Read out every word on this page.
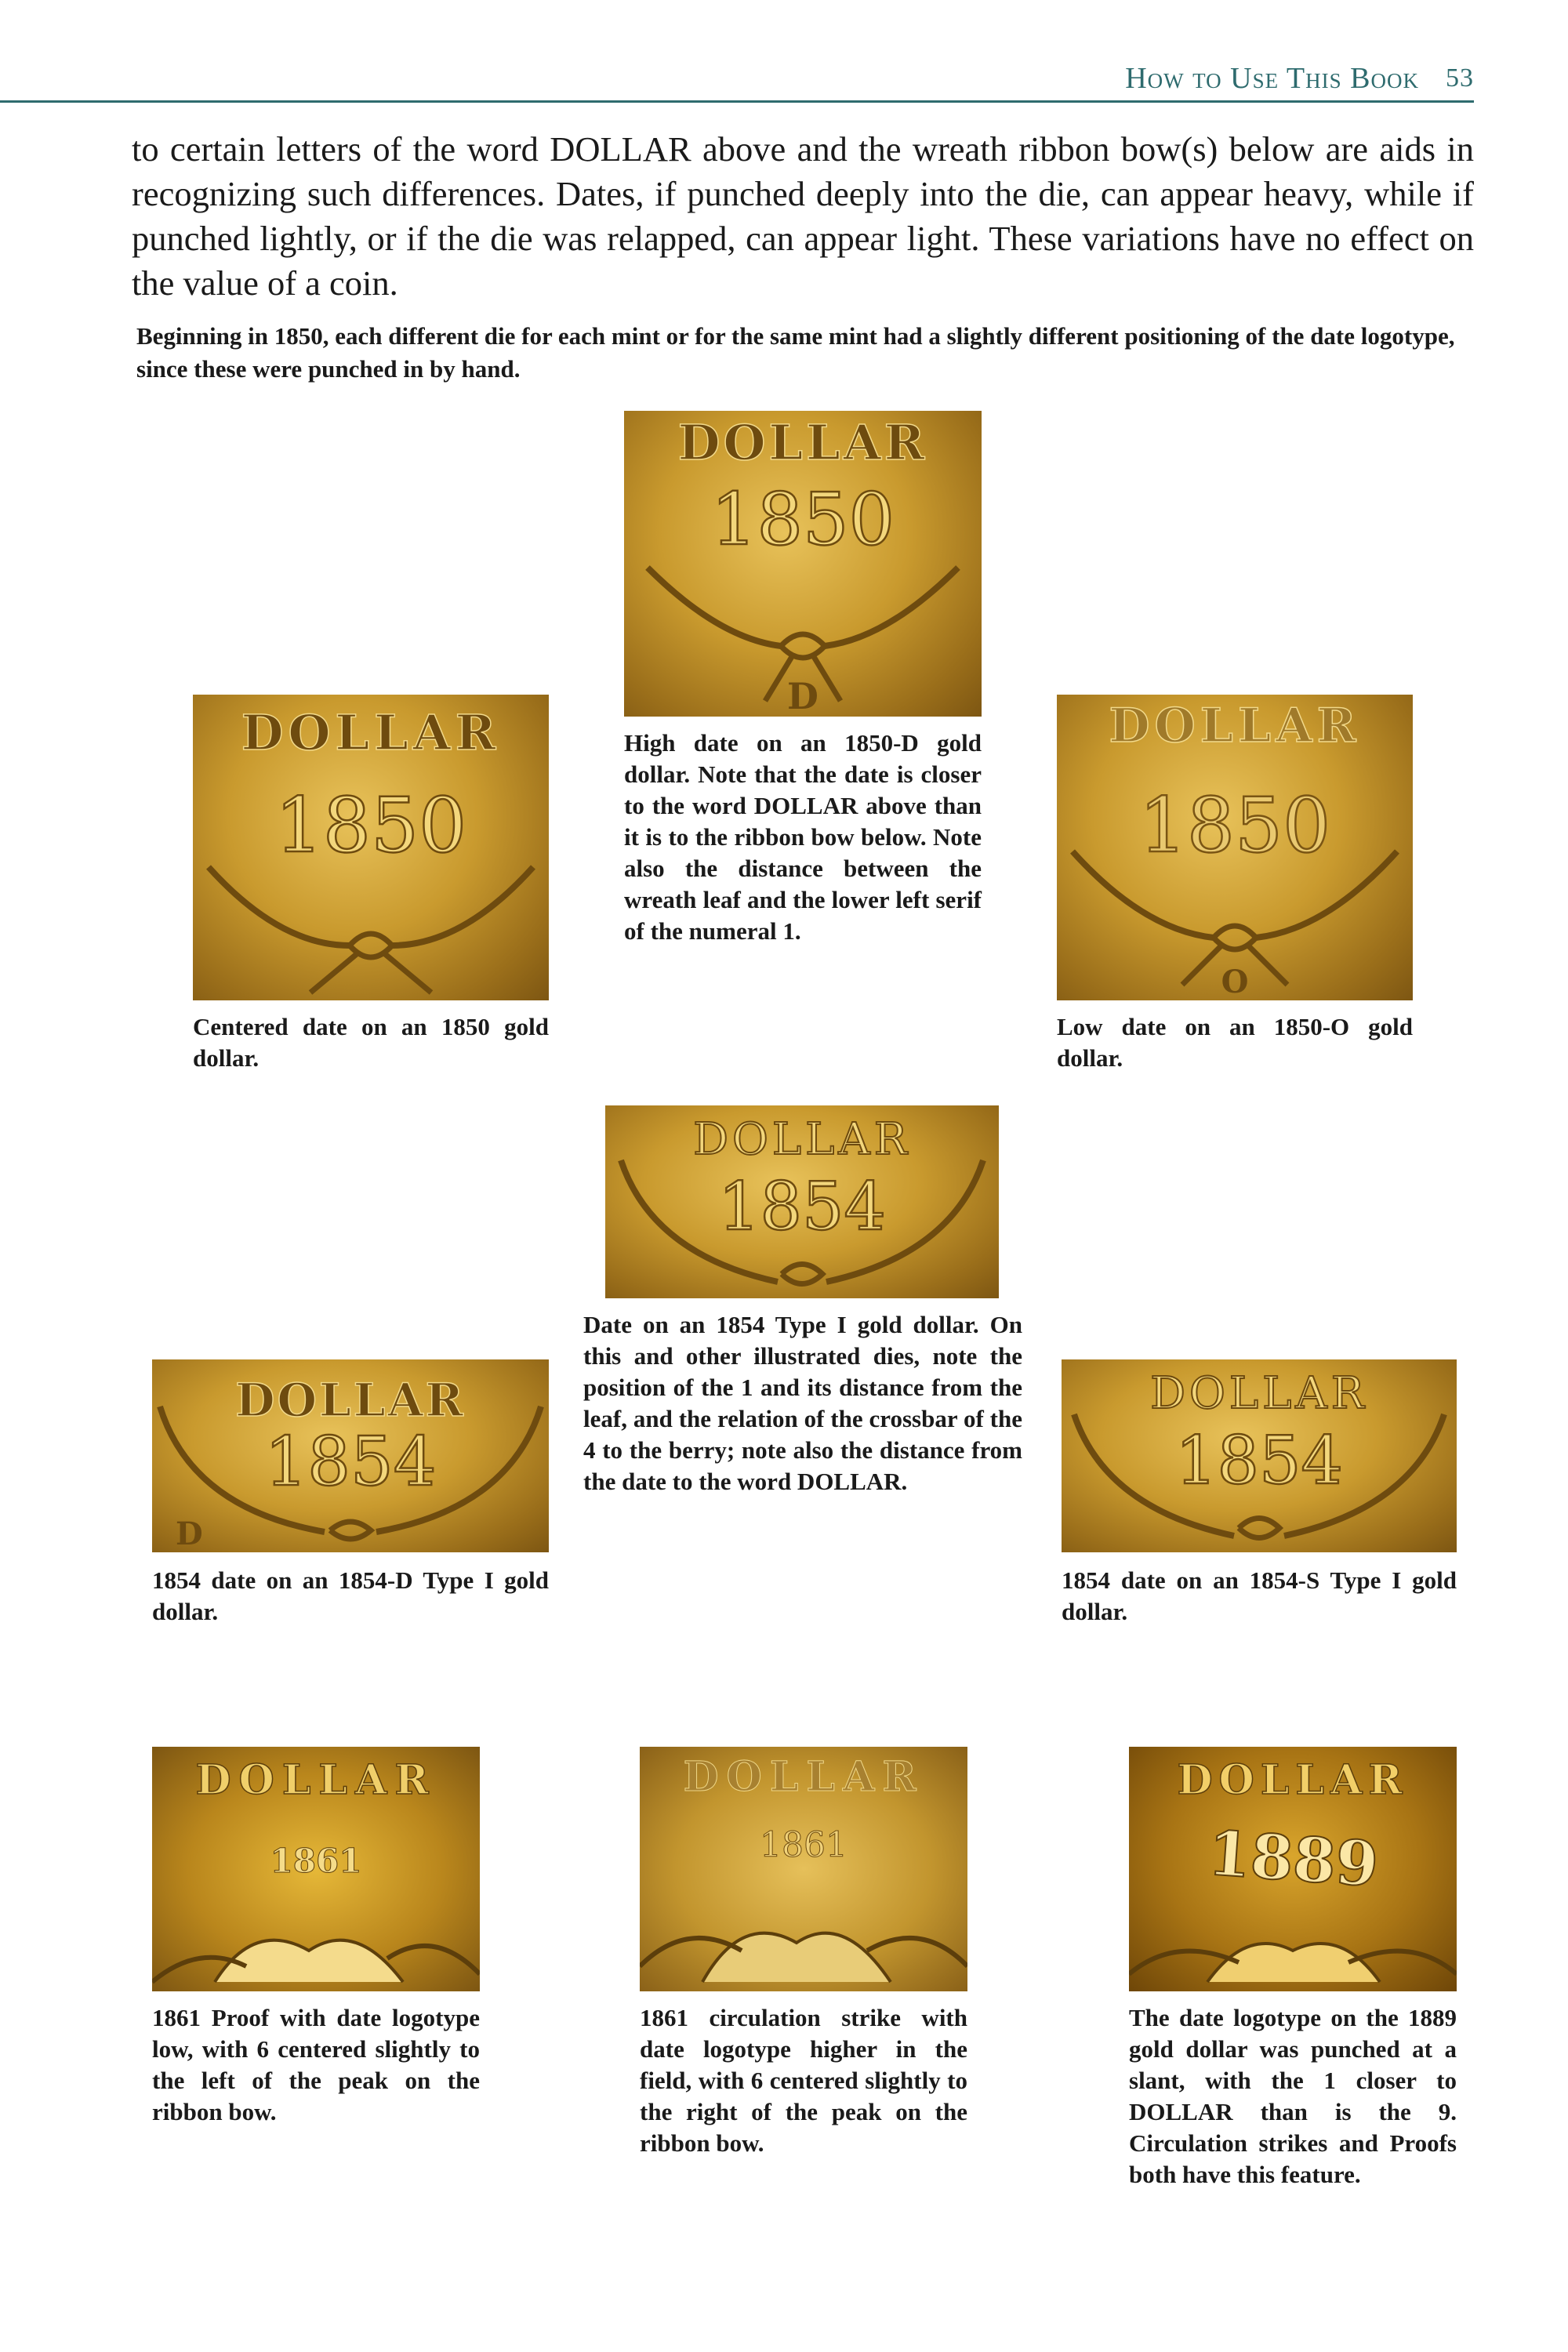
How to Use This Book 53

to certain letters of the word DOLLAR above and the wreath ribbon bow(s) below are aids in recognizing such differences. Dates, if punched deeply into the die, can appear heavy, while if punched lightly, or if the die was relapped, can appear light. These variations have no effect on the value of a coin.

Beginning in 1850, each different die for each mint or for the same mint had a slightly different positioning of the date logotype, since these were punched in by hand.

DOLLAR
1850
D

High date on an 1850-D gold dollar. Note that the date is closer to the word DOLLAR above than it is to the ribbon bow below. Note also the distance between the wreath leaf and the lower left serif of the numeral 1.

DOLLAR
1850

Centered date on an 1850 gold dollar.

DOLLAR
1850
O

Low date on an 1850-O gold dollar.

DOLLAR
1854

Date on an 1854 Type I gold dollar. On this and other illustrated dies, note the position of the 1 and its distance from the leaf, and the relation of the crossbar of the 4 to the berry; note also the distance from the date to the word DOLLAR.

DOLLAR
1854
D

1854 date on an 1854-D Type I gold dollar.

DOLLAR
1854

1854 date on an 1854-S Type I gold dollar.

DOLLAR
1861

1861 Proof with date logotype low, with 6 centered slightly to the left of the peak on the ribbon bow.

DOLLAR
1861

1861 circulation strike with date logotype higher in the field, with 6 centered slightly to the right of the peak on the ribbon bow.

DOLLAR
1889

The date logotype on the 1889 gold dollar was punched at a slant, with the 1 closer to DOLLAR than is the 9. Circulation strikes and Proofs both have this feature.
